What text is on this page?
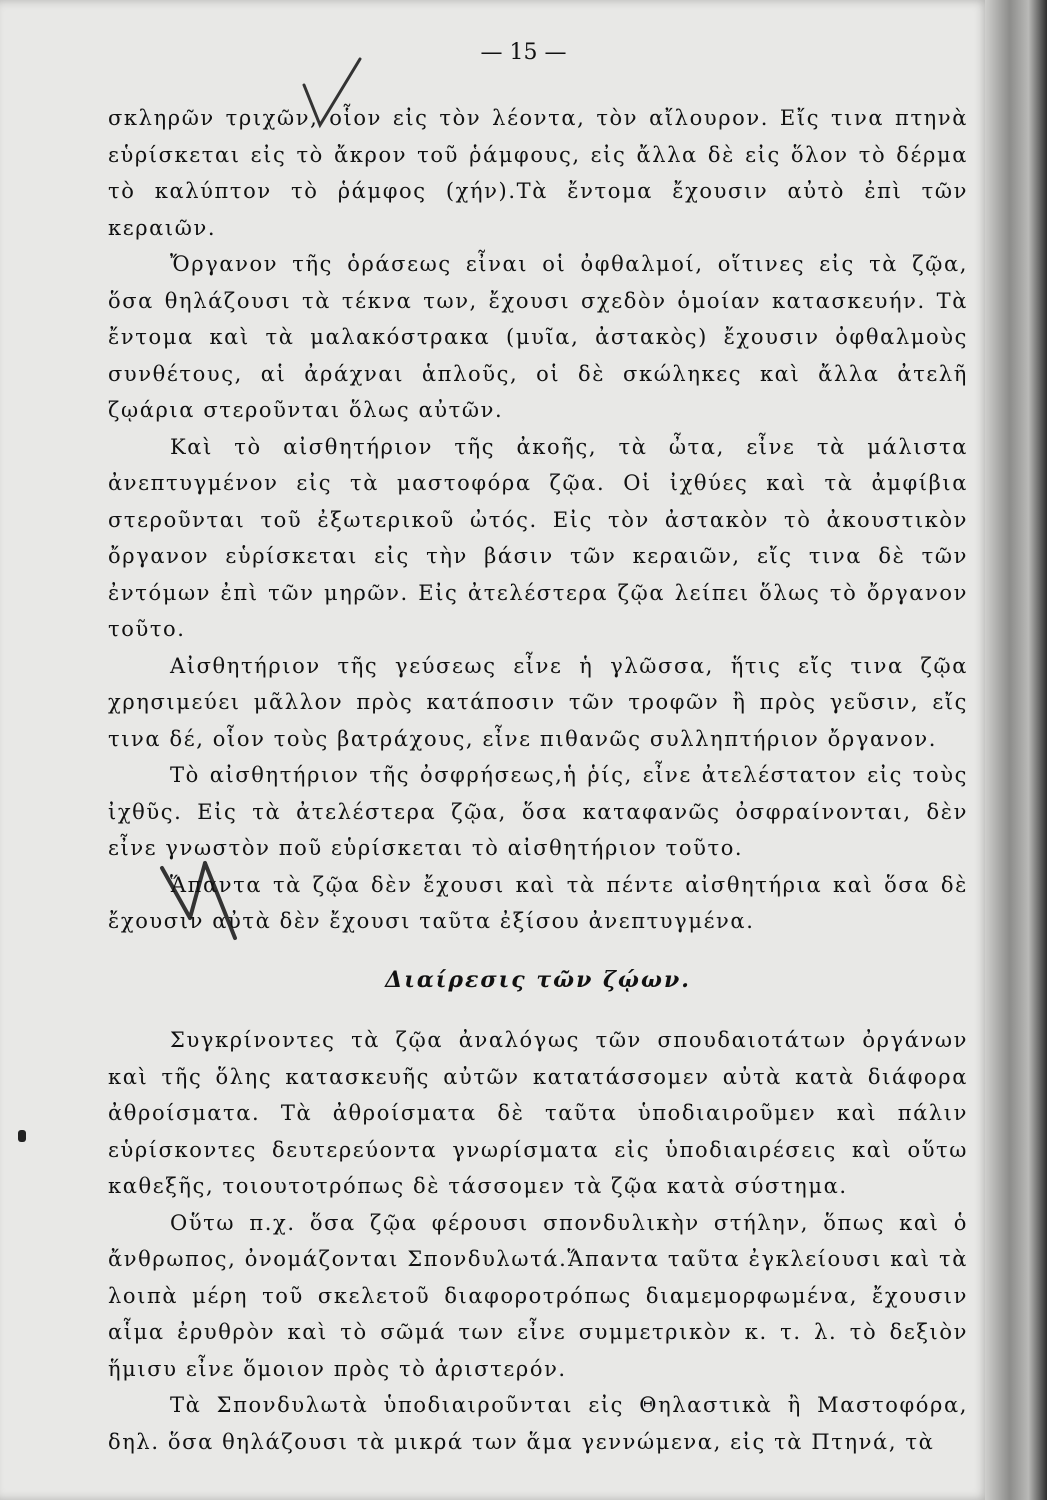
— 15 —

σκληρῶν τριχῶν, οἷον εἰς τὸν λέοντα, τὸν αἴλουρον. Εἴς τινα πτηνὰ εὑρίσκεται εἰς τὸ ἄκρον τοῦ ῥάμφους, εἰς ἄλλα δὲ εἰς ὅλον τὸ δέρμα τὸ καλύπτον τὸ ῥάμφος (χήν).Τὰ ἔντομα ἔχουσιν αὐτὸ ἐπὶ τῶν κεραιῶν.

Ὄργανον τῆς ὁράσεως εἶναι οἱ ὀφθαλμοί, οἵτινες εἰς τὰ ζῷα, ὅσα θηλάζουσι τὰ τέκνα των, ἔχουσι σχεδὸν ὁμοίαν κατασκευήν. Τὰ ἔντομα καὶ τὰ μαλακόστρακα (μυῖα, ἀστακὸς) ἔχουσιν ὀφθαλμοὺς συνθέτους, αἱ ἀράχναι ἁπλοῦς, οἱ δὲ σκώληκες καὶ ἄλλα ἀτελῆ ζῳάρια στεροῦνται ὅλως αὐτῶν.

Καὶ τὸ αἰσθητήριον τῆς ἀκοῆς, τὰ ὦτα, εἶνε τὰ μάλιστα ἀνεπτυγμένον εἰς τὰ μαστοφόρα ζῷα. Οἱ ἰχθύες καὶ τὰ ἀμφίβια στεροῦνται τοῦ ἐξωτερικοῦ ὠτός. Εἰς τὸν ἀστακὸν τὸ ἀκουστικὸν ὄργανον εὑρίσκεται εἰς τὴν βάσιν τῶν κεραιῶν, εἴς τινα δὲ τῶν ἐντόμων ἐπὶ τῶν μηρῶν. Εἰς ἀτελέστερα ζῷα λείπει ὅλως τὸ ὄργανον τοῦτο.

Αἰσθητήριον τῆς γεύσεως εἶνε ἡ γλῶσσα, ἥτις εἴς τινα ζῷα χρησιμεύει μᾶλλον πρὸς κατάποσιν τῶν τροφῶν ἢ πρὸς γεῦσιν, εἴς τινα δέ, οἷον τοὺς βατράχους, εἶνε πιθανῶς συλληπτήριον ὄργανον.

Τὸ αἰσθητήριον τῆς ὀσφρήσεως,ἡ ῥίς, εἶνε ἀτελέστατον εἰς τοὺς ἰχθῦς. Εἰς τὰ ἀτελέστερα ζῷα, ὅσα καταφανῶς ὀσφραίνονται, δὲν εἶνε γνωστὸν ποῦ εὑρίσκεται τὸ αἰσθητήριον τοῦτο.

Ἅπαντα τὰ ζῷα δὲν ἔχουσι καὶ τὰ πέντε αἰσθητήρια καὶ ὅσα δὲ ἔχουσιν αὐτὰ δὲν ἔχουσι ταῦτα ἐξίσου ἀνεπτυγμένα.

Διαίρεσις τῶν ζῴων.

Συγκρίνοντες τὰ ζῷα ἀναλόγως τῶν σπουδαιοτάτων ὀργάνων καὶ τῆς ὅλης κατασκευῆς αὐτῶν κατατάσσομεν αὐτὰ κατὰ διάφορα ἀθροίσματα. Τὰ ἀθροίσματα δὲ ταῦτα ὑποδιαιροῦμεν καὶ πάλιν εὑρίσκοντες δευτερεύοντα γνωρίσματα εἰς ὑποδιαιρέσεις καὶ οὕτω καθεξῆς, τοιουτοτρόπως δὲ τάσσομεν τὰ ζῷα κατὰ σύστημα.

Οὕτω π.χ. ὅσα ζῷα φέρουσι σπονδυλικὴν στήλην, ὅπως καὶ ὁ ἄνθρωπος, ὀνομάζονται Σπονδυλωτά.Ἅπαντα ταῦτα ἐγκλείουσι καὶ τὰ λοιπὰ μέρη τοῦ σκελετοῦ διαφοροτρόπως διαμεμορφωμένα, ἔχουσιν αἷμα ἐρυθρὸν καὶ τὸ σῶμά των εἶνε συμμετρικὸν κ. τ. λ. τὸ δεξιὸν ἥμισυ εἶνε ὅμοιον πρὸς τὸ ἀριστερόν.

Τὰ Σπονδυλωτὰ ὑποδιαιροῦνται εἰς Θηλαστικὰ ἢ Μαστοφόρα, δηλ. ὅσα θηλάζουσι τὰ μικρά των ἅμα γεννώμενα, εἰς τὰ Πτηνά, τὰ
